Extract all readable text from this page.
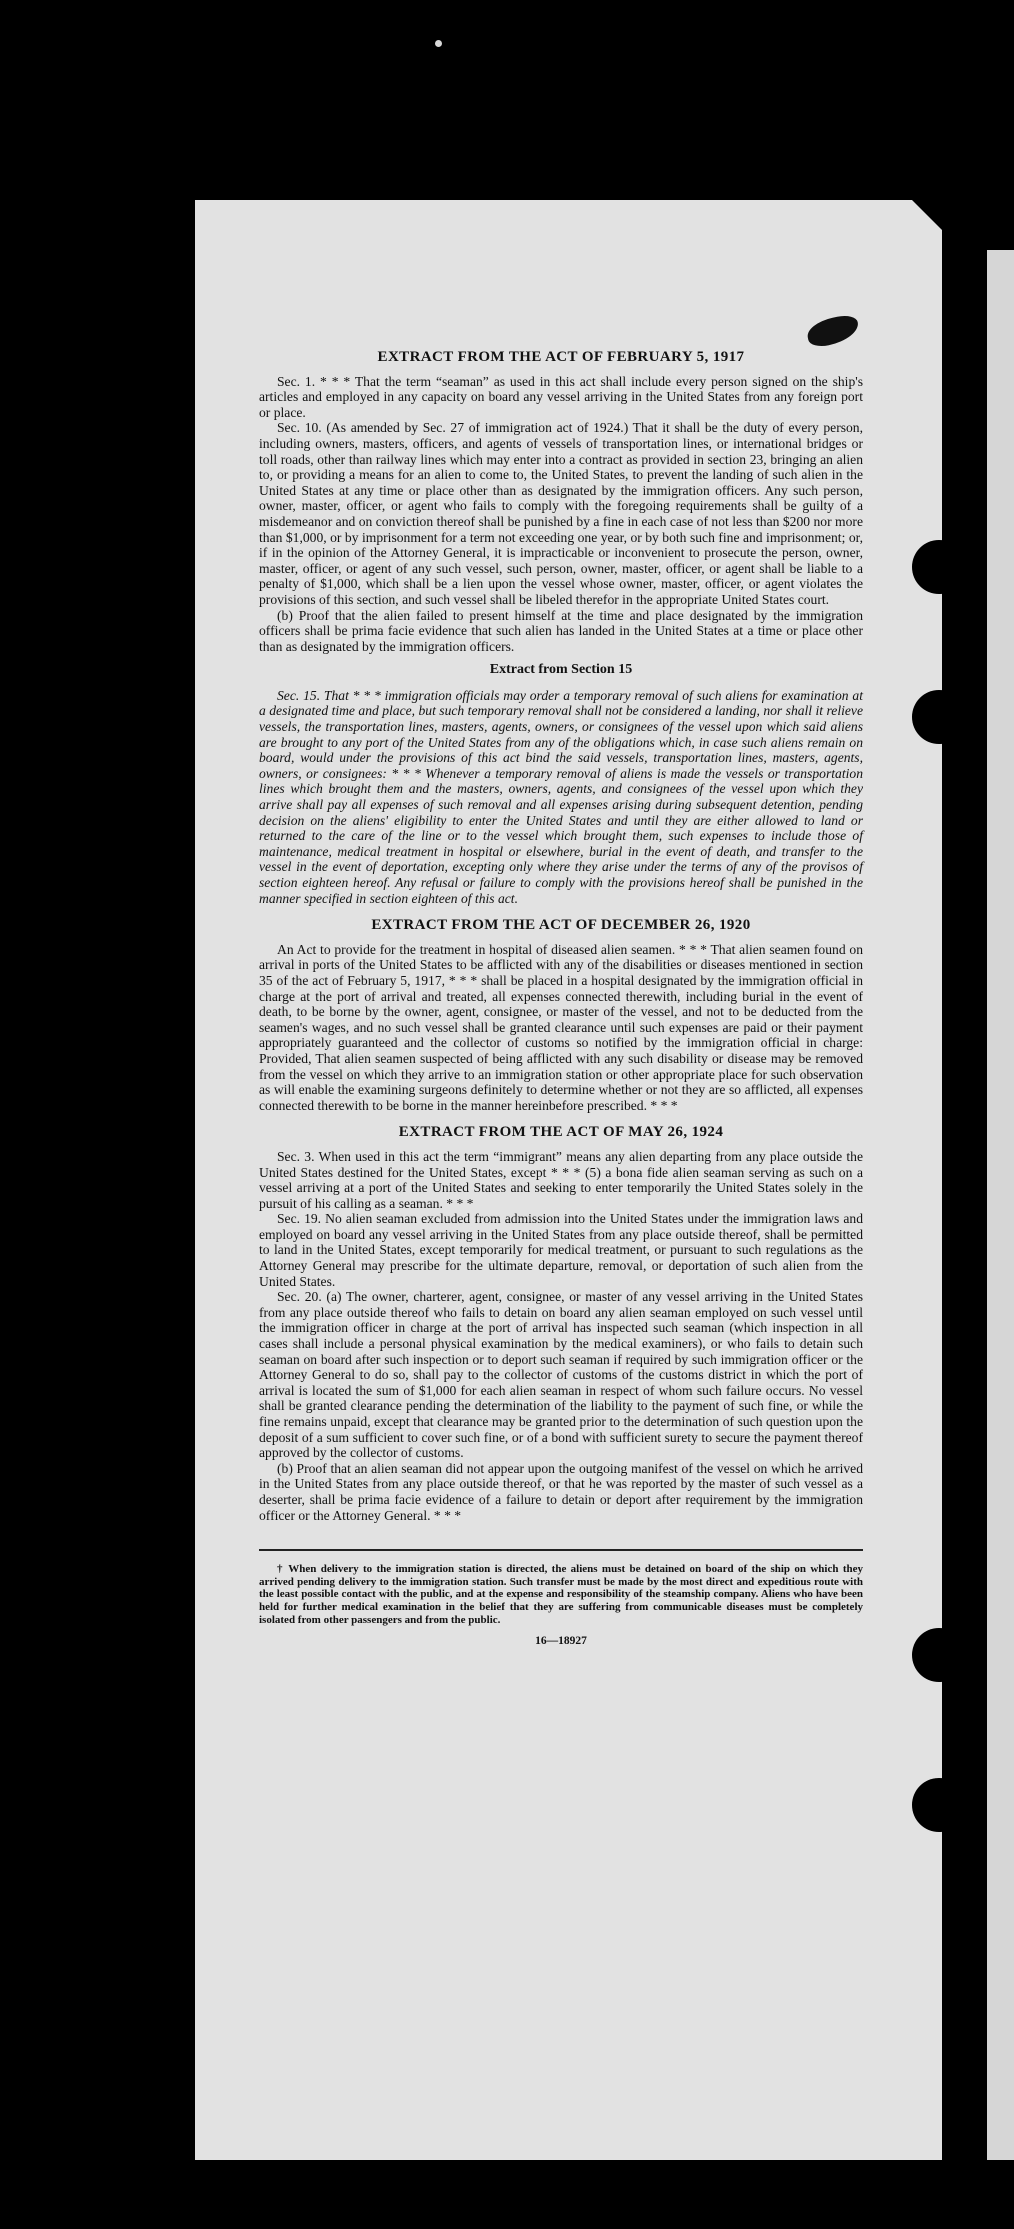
EXTRACT FROM THE ACT OF FEBRUARY 5, 1917

Sec. 1. * * * That the term “seaman” as used in this act shall include every person signed on the ship's articles and employed in any capacity on board any vessel arriving in the United States from any foreign port or place.

Sec. 10. (As amended by Sec. 27 of immigration act of 1924.) That it shall be the duty of every person, including owners, masters, officers, and agents of vessels of transportation lines, or international bridges or toll roads, other than railway lines which may enter into a contract as provided in section 23, bringing an alien to, or providing a means for an alien to come to, the United States, to prevent the landing of such alien in the United States at any time or place other than as designated by the immigration officers. Any such person, owner, master, officer, or agent who fails to comply with the foregoing requirements shall be guilty of a misdemeanor and on conviction thereof shall be punished by a fine in each case of not less than $200 nor more than $1,000, or by imprisonment for a term not exceeding one year, or by both such fine and imprisonment; or, if in the opinion of the Attorney General, it is impracticable or inconvenient to prosecute the person, owner, master, officer, or agent of any such vessel, such person, owner, master, officer, or agent shall be liable to a penalty of $1,000, which shall be a lien upon the vessel whose owner, master, officer, or agent violates the provisions of this section, and such vessel shall be libeled therefor in the appropriate United States court.

(b) Proof that the alien failed to present himself at the time and place designated by the immigration officers shall be prima facie evidence that such alien has landed in the United States at a time or place other than as designated by the immigration officers.

Extract from Section 15

Sec. 15. That * * * immigration officials may order a temporary removal of such aliens for examination at a designated time and place, but such temporary removal shall not be considered a landing, nor shall it relieve vessels, the transportation lines, masters, agents, owners, or consignees of the vessel upon which said aliens are brought to any port of the United States from any of the obligations which, in case such aliens remain on board, would under the provisions of this act bind the said vessels, transportation lines, masters, agents, owners, or consignees: * * * Whenever a temporary removal of aliens is made the vessels or transportation lines which brought them and the masters, owners, agents, and consignees of the vessel upon which they arrive shall pay all expenses of such removal and all expenses arising during subsequent detention, pending decision on the aliens' eligibility to enter the United States and until they are either allowed to land or returned to the care of the line or to the vessel which brought them, such expenses to include those of maintenance, medical treatment in hospital or elsewhere, burial in the event of death, and transfer to the vessel in the event of deportation, excepting only where they arise under the terms of any of the provisos of section eighteen hereof. Any refusal or failure to comply with the provisions hereof shall be punished in the manner specified in section eighteen of this act.

EXTRACT FROM THE ACT OF DECEMBER 26, 1920

An Act to provide for the treatment in hospital of diseased alien seamen. * * * That alien seamen found on arrival in ports of the United States to be afflicted with any of the disabilities or diseases mentioned in section 35 of the act of February 5, 1917, * * * shall be placed in a hospital designated by the immigration official in charge at the port of arrival and treated, all expenses connected therewith, including burial in the event of death, to be borne by the owner, agent, consignee, or master of the vessel, and not to be deducted from the seamen's wages, and no such vessel shall be granted clearance until such expenses are paid or their payment appropriately guaranteed and the collector of customs so notified by the immigration official in charge: Provided, That alien seamen suspected of being afflicted with any such disability or disease may be removed from the vessel on which they arrive to an immigration station or other appropriate place for such observation as will enable the examining surgeons definitely to determine whether or not they are so afflicted, all expenses connected therewith to be borne in the manner hereinbefore prescribed. * * *

EXTRACT FROM THE ACT OF MAY 26, 1924

Sec. 3. When used in this act the term “immigrant” means any alien departing from any place outside the United States destined for the United States, except * * * (5) a bona fide alien seaman serving as such on a vessel arriving at a port of the United States and seeking to enter temporarily the United States solely in the pursuit of his calling as a seaman. * * *

Sec. 19. No alien seaman excluded from admission into the United States under the immigration laws and employed on board any vessel arriving in the United States from any place outside thereof, shall be permitted to land in the United States, except temporarily for medical treatment, or pursuant to such regulations as the Attorney General may prescribe for the ultimate departure, removal, or deportation of such alien from the United States.

Sec. 20. (a) The owner, charterer, agent, consignee, or master of any vessel arriving in the United States from any place outside thereof who fails to detain on board any alien seaman employed on such vessel until the immigration officer in charge at the port of arrival has inspected such seaman (which inspection in all cases shall include a personal physical examination by the medical examiners), or who fails to detain such seaman on board after such inspection or to deport such seaman if required by such immigration officer or the Attorney General to do so, shall pay to the collector of customs of the customs district in which the port of arrival is located the sum of $1,000 for each alien seaman in respect of whom such failure occurs. No vessel shall be granted clearance pending the determination of the liability to the payment of such fine, or while the fine remains unpaid, except that clearance may be granted prior to the determination of such question upon the deposit of a sum sufficient to cover such fine, or of a bond with sufficient surety to secure the payment thereof approved by the collector of customs.

(b) Proof that an alien seaman did not appear upon the outgoing manifest of the vessel on which he arrived in the United States from any place outside thereof, or that he was reported by the master of such vessel as a deserter, shall be prima facie evidence of a failure to detain or deport after requirement by the immigration officer or the Attorney General. * * *

† When delivery to the immigration station is directed, the aliens must be detained on board of the ship on which they arrived pending delivery to the immigration station. Such transfer must be made by the most direct and expeditious route with the least possible contact with the public, and at the expense and responsibility of the steamship company. Aliens who have been held for further medical examination in the belief that they are suffering from communicable diseases must be completely isolated from other passengers and from the public.

16—18927
